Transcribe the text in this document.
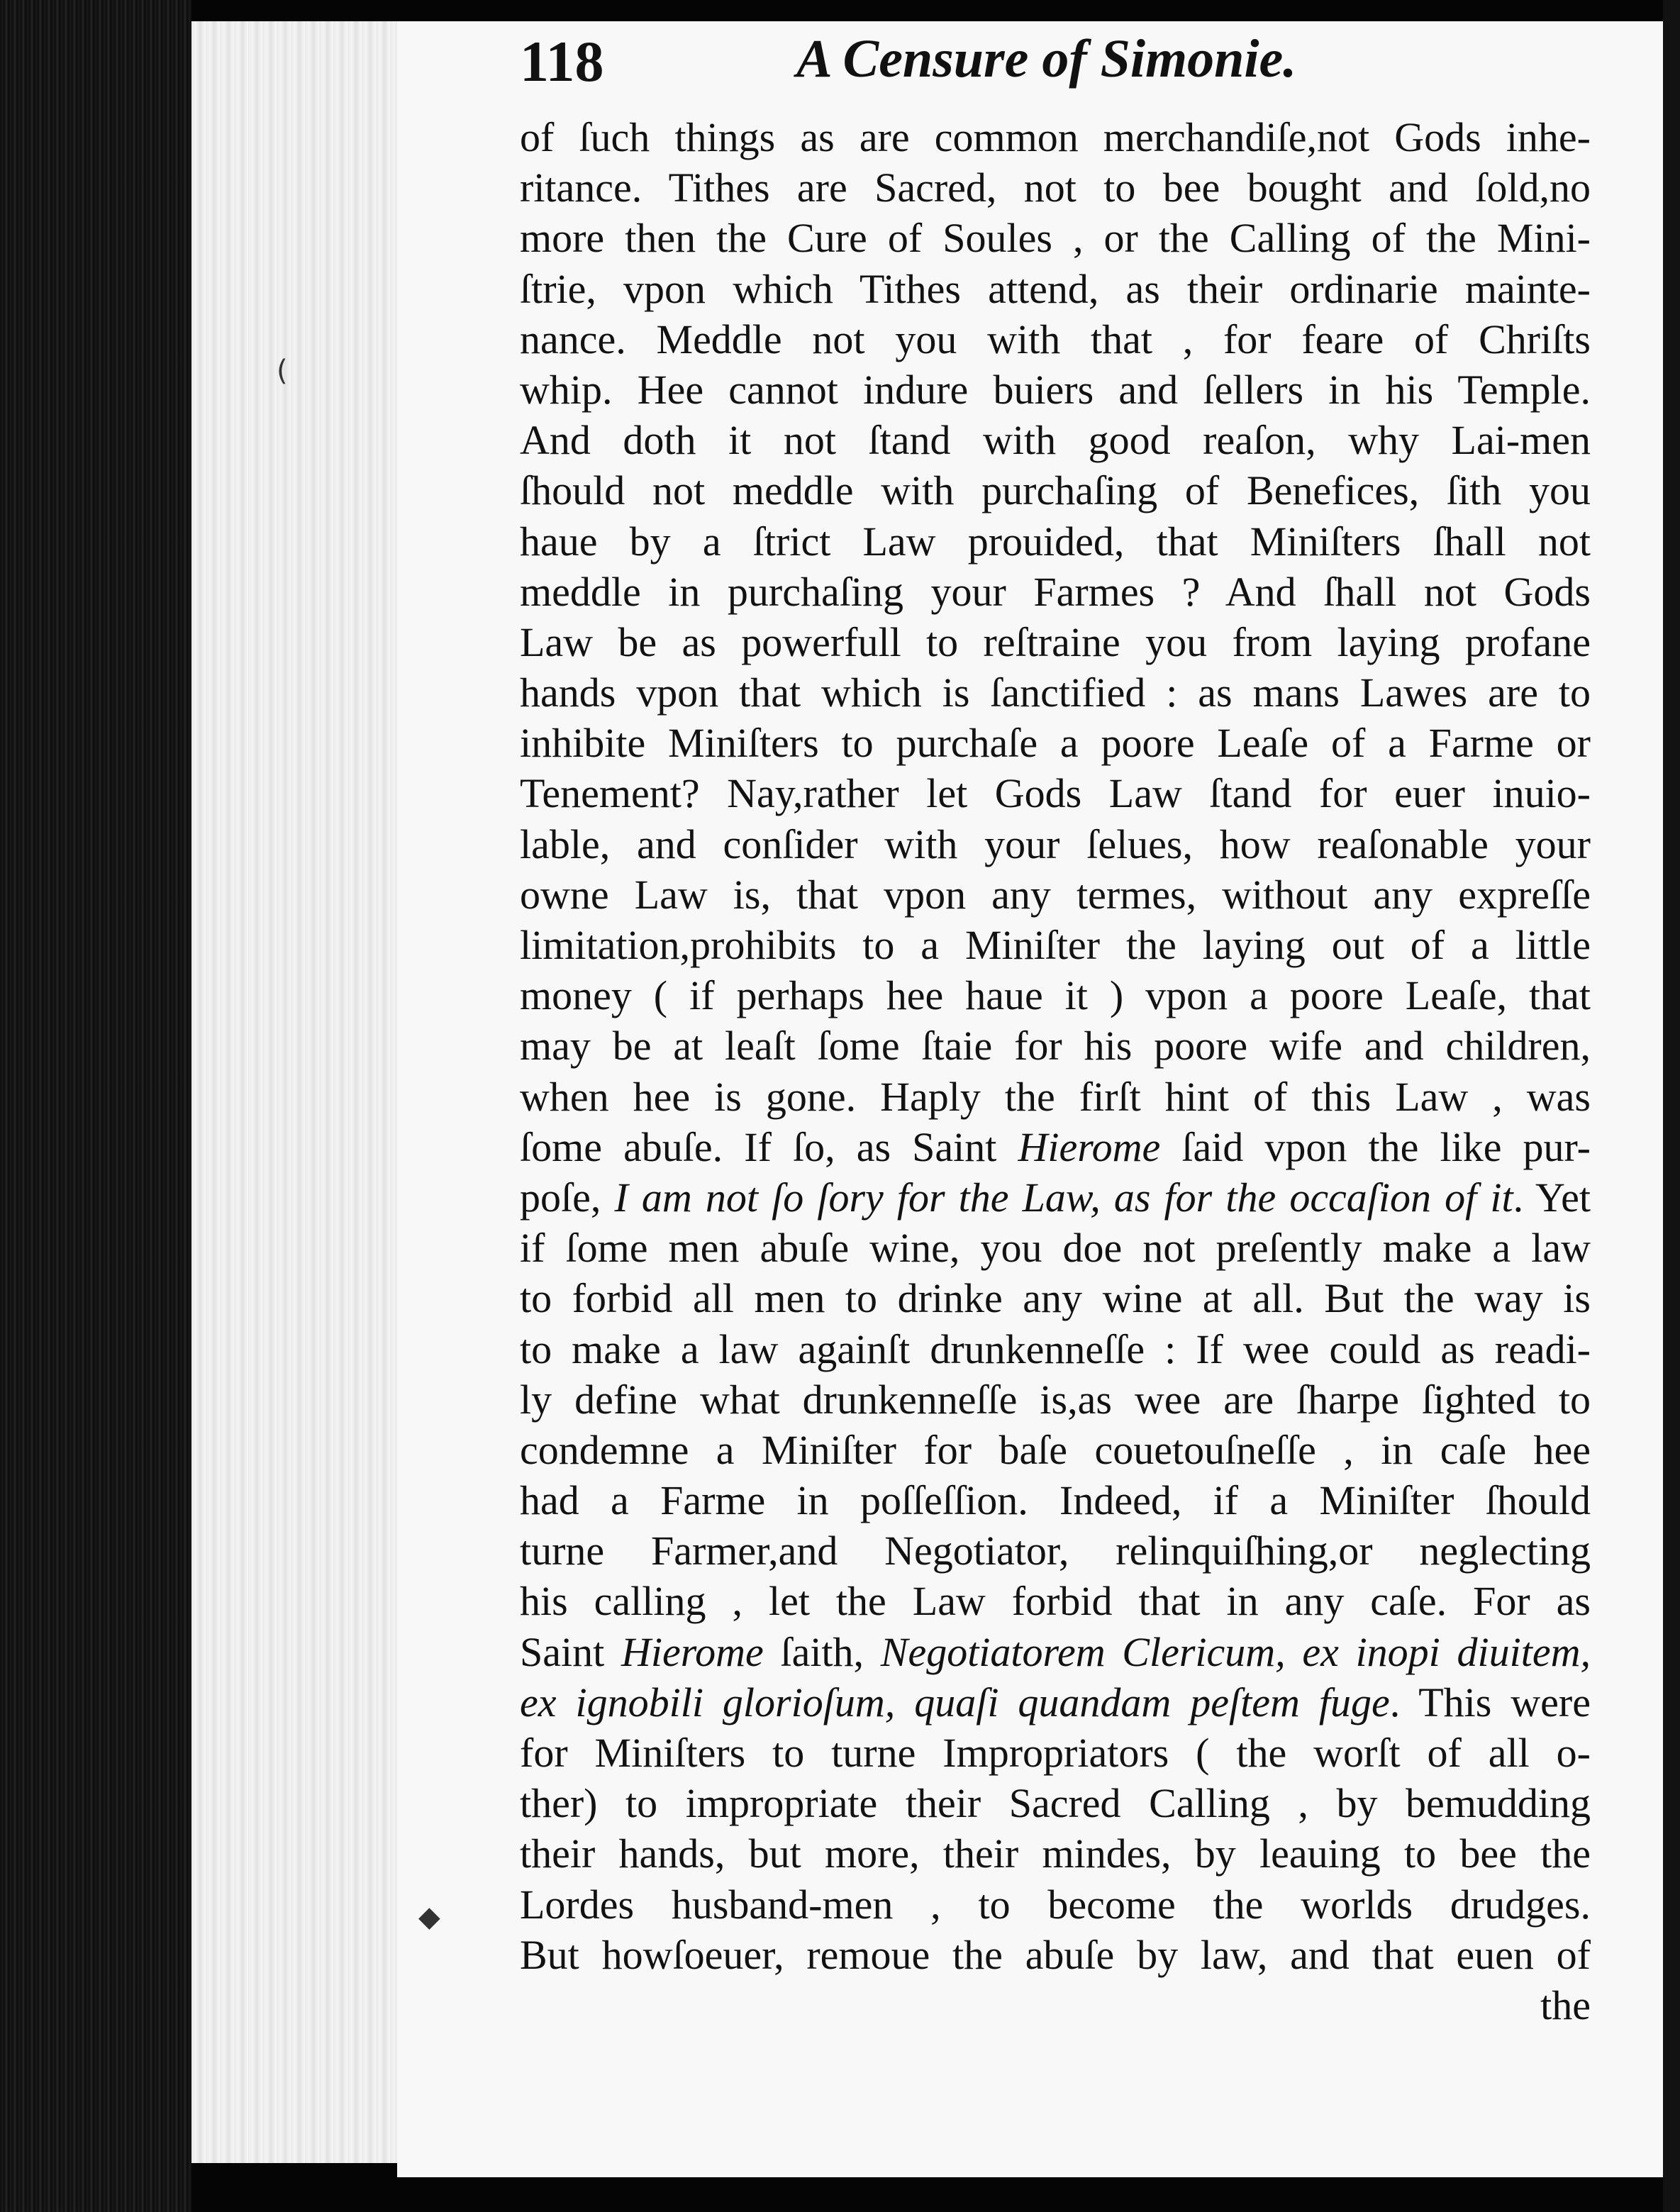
118	A Censure of Simonie.
of ſuch things as are common merchandiſe,not Gods inhe-
ritance. Tithes are Sacred, not to bee bought and ſold,no
more then the Cure of Soules , or the Calling of the Mini-
ſtrie, vpon which Tithes attend, as their ordinarie mainte-
nance. Meddle not you with that , for feare of Chriſts
whip. Hee cannot indure buiers and ſellers in his Temple.
And doth it not ſtand with good reaſon, why Lai-men
ſhould not meddle with purchaſing of Benefices, ſith you
haue by a ſtrict Law prouided, that Miniſters ſhall not
meddle in purchaſing your Farmes ? And ſhall not Gods
Law be as powerfull to reſtraine you from laying profane
hands vpon that which is ſanctified : as mans Lawes are to
inhibite Miniſters to purchaſe a poore Leaſe of a Farme or
Tenement? Nay,rather let Gods Law ſtand for euer inuio-
lable, and conſider with your ſelues, how reaſonable your
owne Law is, that vpon any termes, without any expreſſe
limitation,prohibits to a Miniſter the laying out of a little
money ( if perhaps hee haue it ) vpon a poore Leaſe, that
may be at leaſt ſome ſtaie for his poore wife and children,
when hee is gone. Haply the firſt hint of this Law , was
ſome abuſe. If ſo, as Saint Hierome ſaid vpon the like pur-
poſe, I am not ſo ſory for the Law, as for the occaſion of it. Yet
if ſome men abuſe wine, you doe not preſently make a law
to forbid all men to drinke any wine at all. But the way is
to make a law againſt drunkenneſſe : If wee could as readi-
ly define what drunkenneſſe is,as wee are ſharpe ſighted to
condemne a Miniſter for baſe couetouſneſſe , in caſe hee
had a Farme in poſſeſſion. Indeed, if a Miniſter ſhould
turne Farmer,and Negotiator, relinquiſhing,or neglecting
his calling , let the Law forbid that in any caſe. For as
Saint Hierome ſaith, Negotiatorem Clericum, ex inopi diuitem,
ex ignobili glorioſum, quaſi quandam peſtem fuge. This were
for Miniſters to turne Impropriators ( the worſt of all o-
ther) to impropriate their Sacred Calling , by bemudding
their hands, but more, their mindes, by leauing to bee the
Lordes husband-men , to become the worlds drudges.
But howſoeuer, remoue the abuſe by law, and that euen of
the
(
◆
